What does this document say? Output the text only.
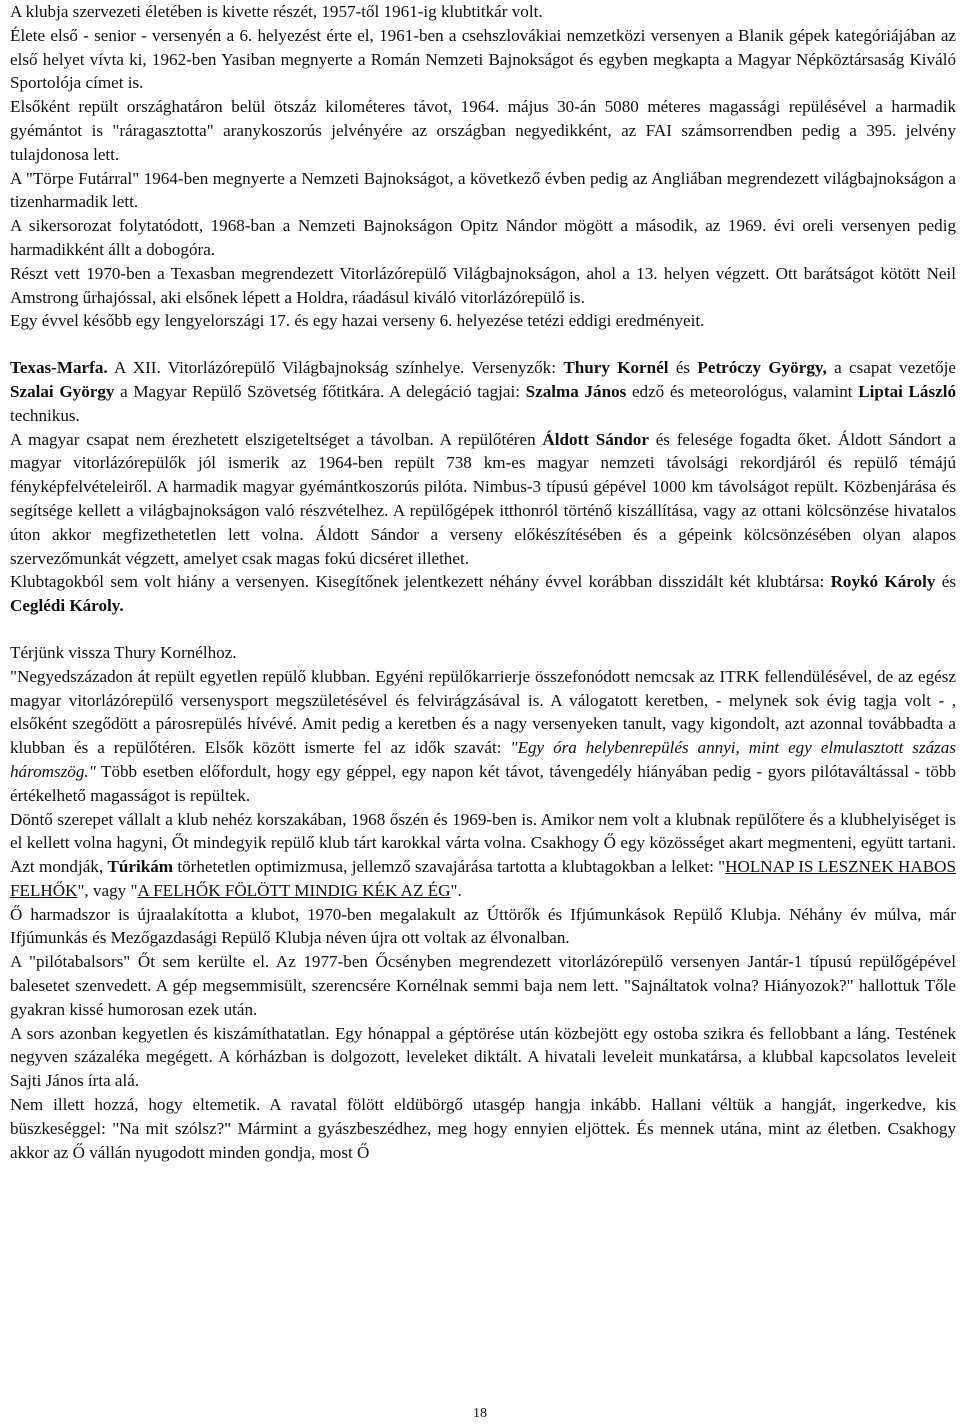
A klubja szervezeti életében is kivette részét, 1957-től 1961-ig klubtitkár volt.

Élete első - senior - versenyén a 6. helyezést érte el, 1961-ben a csehszlovákiai nemzetközi versenyen a Blanik gépek kategóriájában az első helyet vívta ki, 1962-ben Yasiban megnyerte a Román Nemzeti Bajnokságot és egyben megkapta a Magyar Népköztársaság Kiváló Sportolója címet is.

Elsőként repült országhatáron belül ötszáz kilométeres távot, 1964. május 30-án 5080 méteres magassági repülésével a harmadik gyémántot is "ráragasztotta" aranykoszorús jelvényére az országban negyedikként, az FAI számsorrendben pedig a 395. jelvény tulajdonosa lett.

A "Törpe Futárral" 1964-ben megnyerte a Nemzeti Bajnokságot, a következő évben pedig az Angliában megrendezett világbajnokságon a tizenharmadik lett.

A sikersorozat folytatódott, 1968-ban a Nemzeti Bajnokságon Opitz Nándor mögött a második, az 1969. évi oreli versenyen pedig harmadikként állt a dobogóra.

Részt vett 1970-ben a Texasban megrendezett Vitorlázórepülő Világbajnokságon, ahol a 13. helyen végzett. Ott barátságot kötött Neil Amstrong űrhajóssal, aki elsőnek lépett a Holdra, ráadásul kiváló vitorlázórepülő is.

Egy évvel később egy lengyelországi 17. és egy hazai verseny 6. helyezése tetézi eddigi eredményeit.

Texas-Marfa. A XII. Vitorlázórepülő Világbajnokság színhelye. Versenyzők: Thury Kornél és Petróczy György, a csapat vezetője Szalai György a Magyar Repülő Szövetség főtitkára. A delegáció tagjai: Szalma János edző és meteorológus, valamint Liptai László technikus.

A magyar csapat nem érezhetett elszigeteltséget a távolban. A repülőtéren Áldott Sándor és felesége fogadta őket. Áldott Sándort a magyar vitorlázórepülők jól ismerik az 1964-ben repült 738 km-es magyar nemzeti távolsági rekordjáról és repülő témájú fényképfelvételeiről. A harmadik magyar gyémántkoszorús pilóta. Nimbus-3 típusú gépével 1000 km távolságot repült. Közbenjárása és segítsége kellett a világbajnokságon való részvételhez. A repülőgépek itthonról történő kiszállítása, vagy az ottani kölcsönzése hivatalos úton akkor megfizethetetlen lett volna. Áldott Sándor a verseny előkészítésében és a gépeink kölcsönzésében olyan alapos szervezőmunkát végzett, amelyet csak magas fokú dicséret illethet.

Klubtagokból sem volt hiány a versenyen. Kisegítőnek jelentkezett néhány évvel korábban disszidált két klubtársa: Roykó Károly és Ceglédi Károly.

Térjünk vissza Thury Kornélhoz.

"Negyedszázadon át repült egyetlen repülő klubban. Egyéni repülőkarrierje összefonódott nemcsak az ITRK fellendülésével, de az egész magyar vitorlázórepülő versenysport megszületésével és felvirágzásával is. A válogatott keretben, - melynek sok évig tagja volt - , elsőként szegődött a párosrepülés hívévé. Amit pedig a keretben és a nagy versenyeken tanult, vagy kigondolt, azt azonnal továbbadta a klubban és a repülőtéren. Elsők között ismerte fel az idők szavát: "Egy óra helybenrepülés annyi, mint egy elmulasztott százas háromszög." Több esetben előfordult, hogy egy géppel, egy napon két távot, távengedély hiányában pedig - gyors pilótaváltással - több értékelhető magasságot is repültek.

Döntő szerepet vállalt a klub nehéz korszakában, 1968 őszén és 1969-ben is. Amikor nem volt a klubnak repülőtere és a klubhelyiséget is el kellett volna hagyni, Őt mindegyik repülő klub tárt karokkal várta volna. Csakhogy Ő egy közösséget akart megmenteni, együtt tartani. Azt mondják, Túrikám törhetetlen optimizmusa, jellemző szavajárása tartotta a klubtagokban a lelket: "HOLNAP IS LESZNEK HABOS FELHŐK", vagy "A FELHŐK FÖLÖTT MINDIG KÉK AZ ÉG".

Ő harmadszor is újraalakította a klubot, 1970-ben megalakult az Úttörők és Ifjúmunkások Repülő Klubja. Néhány év múlva, már Ifjúmunkás és Mezőgazdasági Repülő Klubja néven újra ott voltak az élvonalban.

A "pilótabalsors" Őt sem kerülte el. Az 1977-ben Őcsényben megrendezett vitorlázórepülő versenyen Jantár-1 típusú repülőgépével balesetet szenvedett. A gép megsemmisült, szerencsére Kornélnak semmi baja nem lett. "Sajnáltatok volna? Hiányozok?" hallottuk Tőle gyakran kissé humorosan ezek után.

A sors azonban kegyetlen és kiszámíthatatlan. Egy hónappal a géptörése után közbejött egy ostoba szikra és fellobbant a láng. Testének negyven százaléka megégett. A kórházban is dolgozott, leveleket diktált. A hivatali leveleit munkatársa, a klubbal kapcsolatos leveleit Sajti János írta alá.

Nem illett hozzá, hogy eltemetik. A ravatal fölött eldübörgő utasgép hangja inkább. Hallani véltük a hangját, ingerkedve, kis büszkeséggel: "Na mit szólsz?" Mármint a gyászbeszédhez, meg hogy ennyien eljöttek. És mennek utána, mint az életben. Csakhogy akkor az Ő vállán nyugodott minden gondja, most Ő

18
